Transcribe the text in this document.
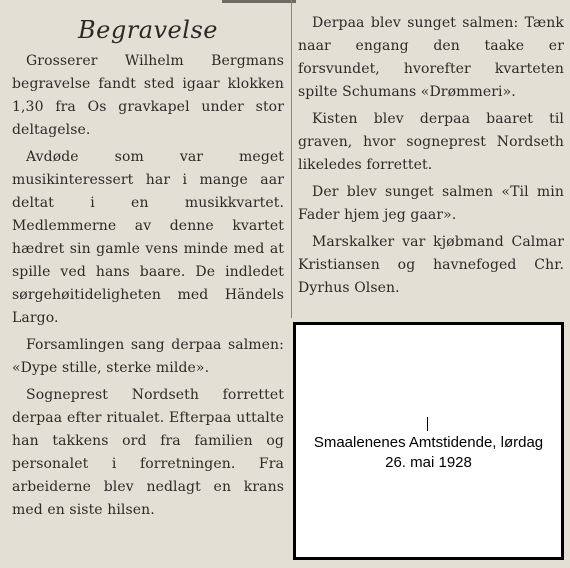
Begravelse

Grosserer Wilhelm Bergmans begravelse fandt sted igaar klokken 1,30 fra Os gravkapel under stor deltagelse.

Avdøde som var meget musikinteressert har i mange aar deltat i en musikkvartet. Medlemmerne av denne kvartet hædret sin gamle vens minde med at spille ved hans baare. De indledet sørgehøitideligheten med Händels Largo.

Forsamlingen sang derpaa salmen: «Dype stille, sterke milde».

Sogneprest Nordseth forrettet derpaa efter ritualet. Efterpaa uttalte han takkens ord fra familien og personalet i forretningen. Fra arbeiderne blev nedlagt en krans med en siste hilsen.

Derpaa blev sunget salmen: Tænk naar engang den taake er forsvundet, hvorefter kvarteten spilte Schumans «Drømmeri».

Kisten blev derpaa baaret til graven, hvor sogneprest Nordseth likeledes forrettet.

Der blev sunget salmen «Til min Fader hjem jeg gaar».

Marskalker var kjøbmand Calmar Kristiansen og havnefoged Chr. Dyrhus Olsen.

Smaalenenes Amtstidende, lørdag
26. mai 1928
